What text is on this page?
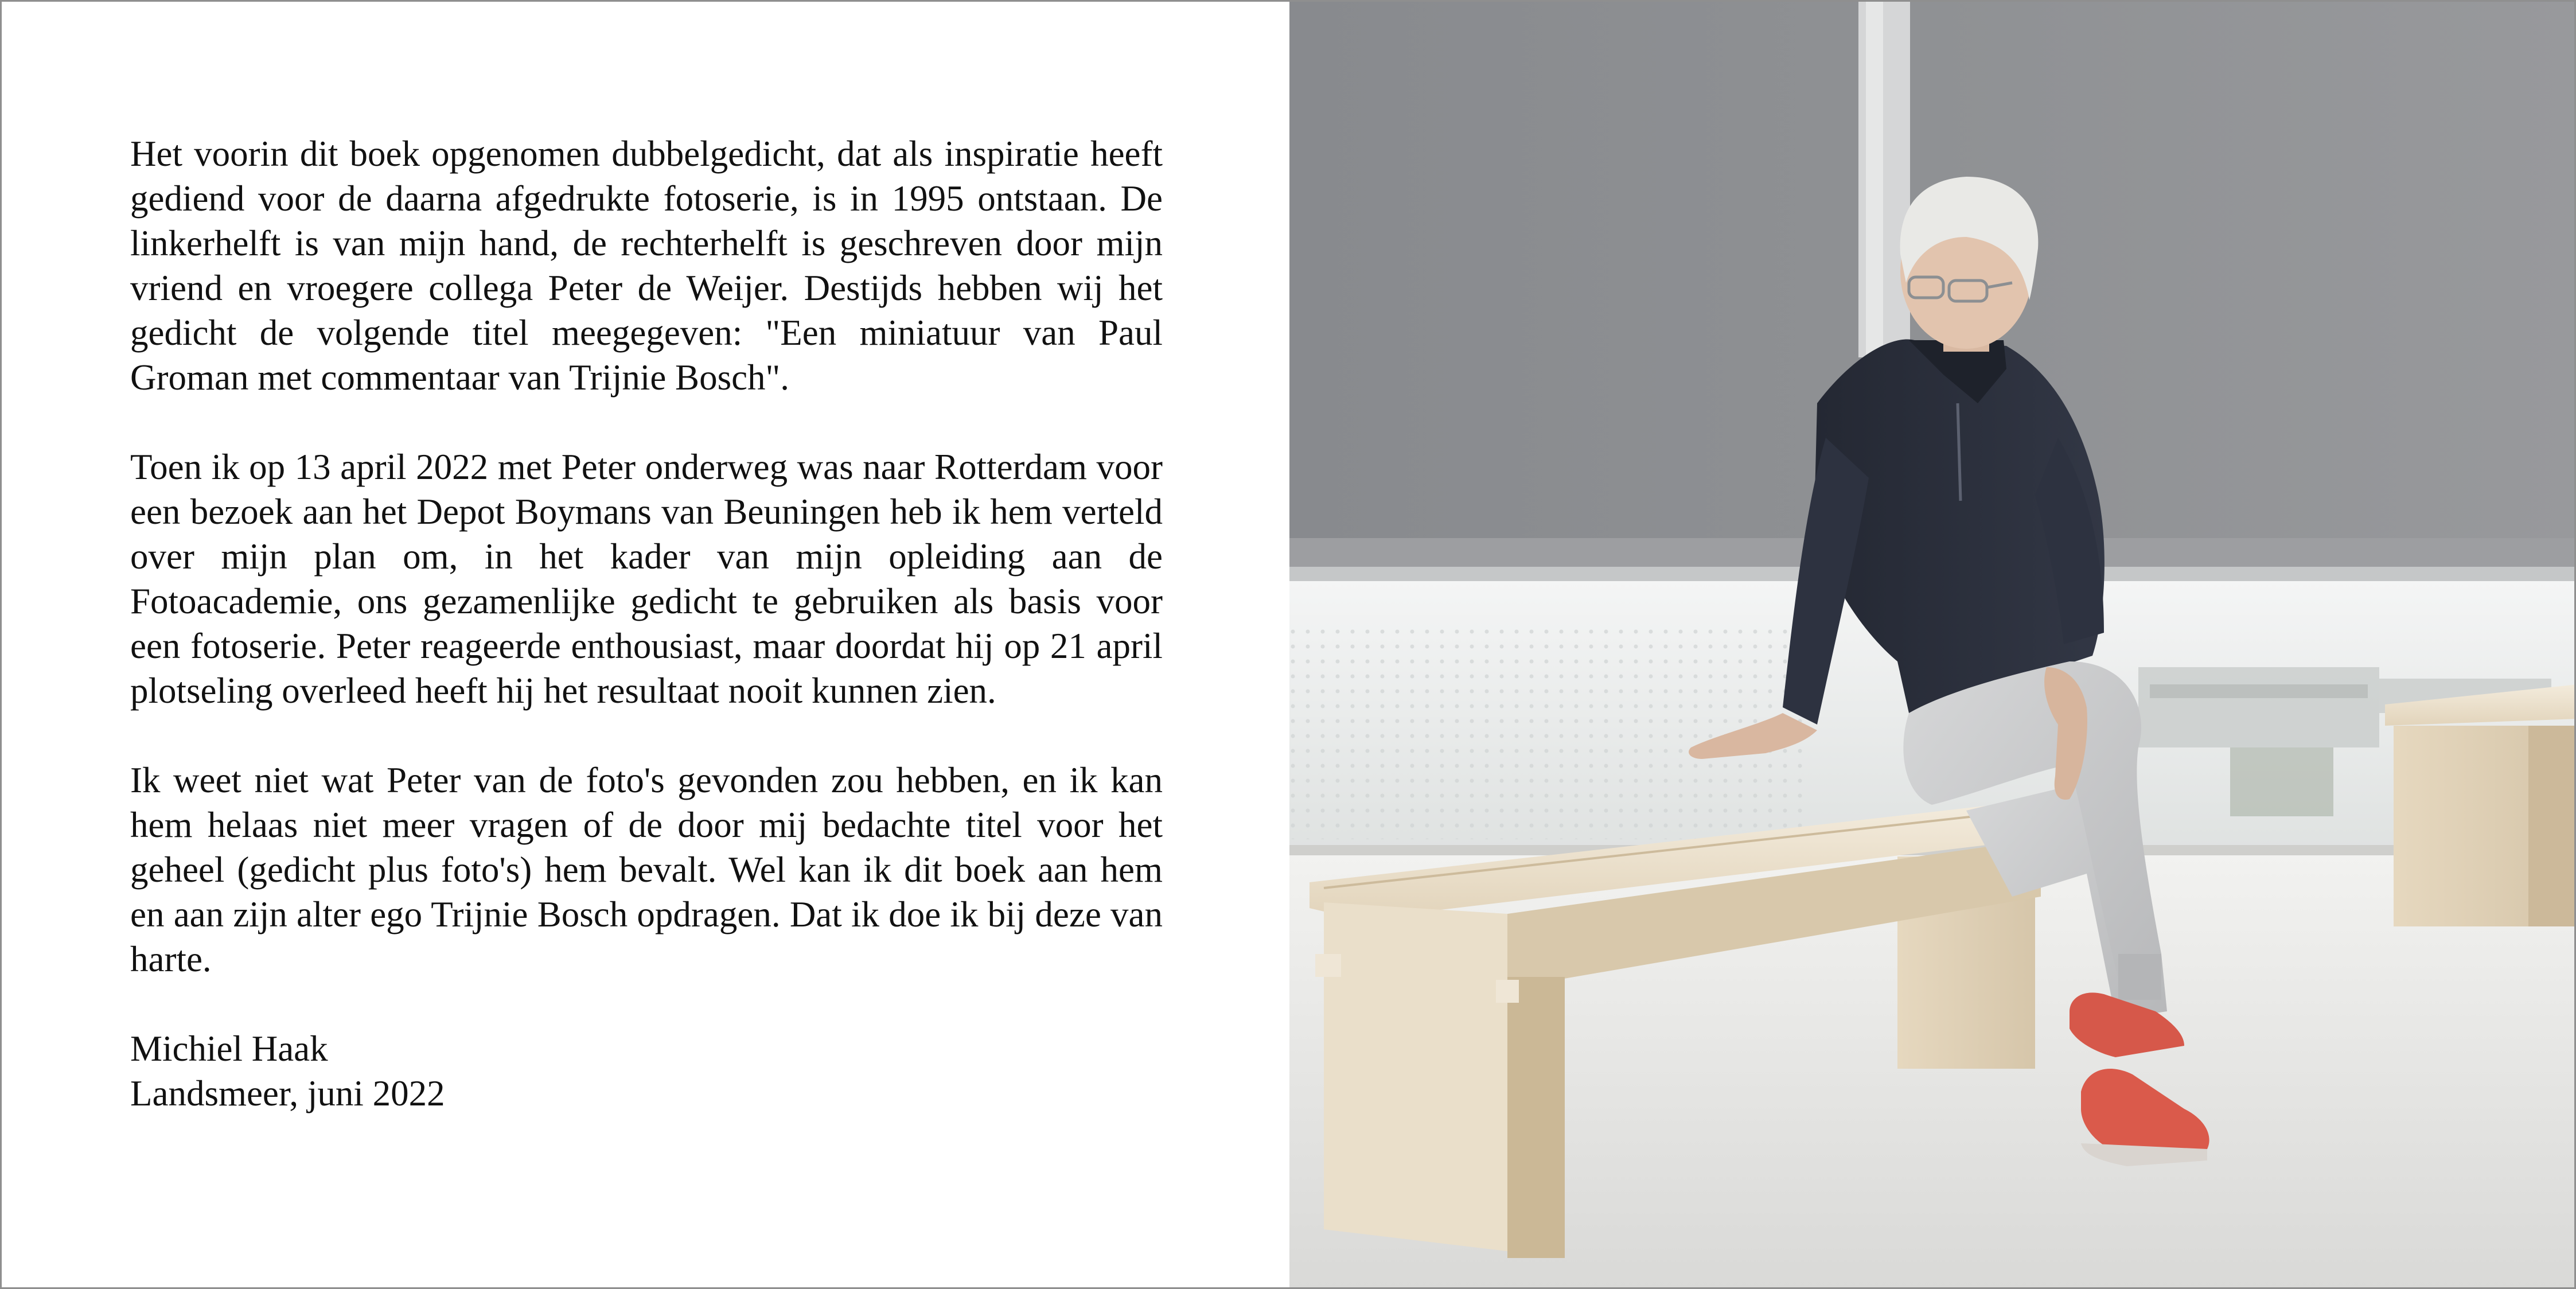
Het voorin dit boek opgenomen dubbelgedicht, dat als inspiratie heeft gediend voor de daarna afgedrukte fotoserie, is in 1995 ontstaan. De linkerhelft is van mijn hand, de rechterhelft is geschreven door mijn vriend en vroegere collega Peter de Weijer. Destijds hebben wij het gedicht de volgende titel meegegeven: "Een miniatuur van Paul Groman met commentaar van Trijnie Bosch".

Toen ik op 13 april 2022 met Peter onderweg was naar Rotterdam voor een bezoek aan het Depot Boymans van Beuningen heb ik hem verteld over mijn plan om, in het kader van mijn opleiding aan de Fotoacademie, ons gezamenlijke gedicht te gebruiken als basis voor een fotoserie. Peter reageerde enthousiast, maar doordat hij op 21 april plotseling overleed heeft hij het resultaat nooit kunnen zien.

Ik weet niet wat Peter van de foto's gevonden zou hebben, en ik kan hem helaas niet meer vragen of de door mij bedachte titel voor het geheel (gedicht plus foto's) hem bevalt. Wel kan ik dit boek aan hem en aan zijn alter ego Trijnie Bosch opdragen. Dat ik doe ik bij deze van harte.

Michiel Haak
Landsmeer, juni 2022
